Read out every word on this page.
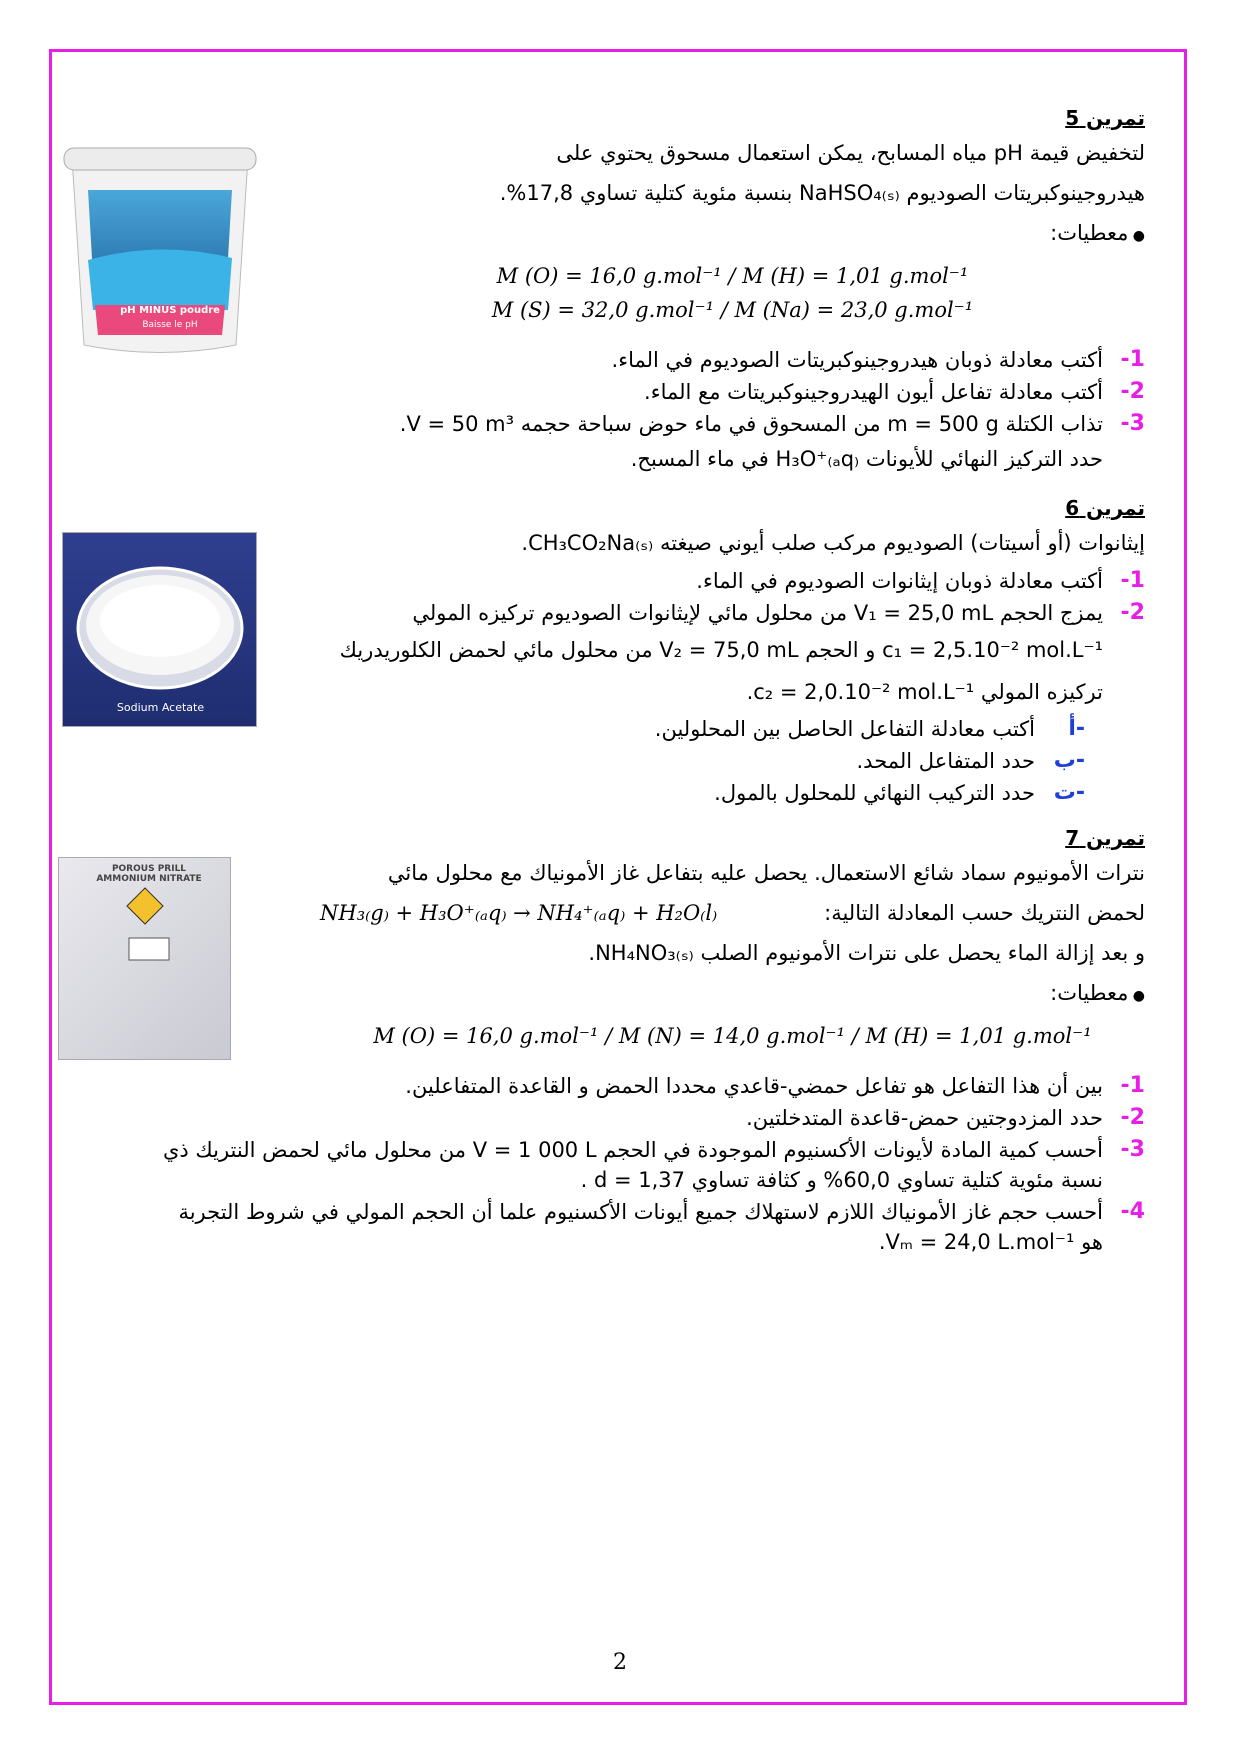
pH MINUS poudre
Baisse le pH
Sodium Acetate
POROUS PRILL AMMONIUM NITRATE
تمرين 5
لتخفيض قيمة pH مياه المسابح، يمكن استعمال مسحوق يحتوي على
هيدروجينوكبريتات الصوديوم NaHSO₄₍ₛ₎ بنسبة مئوية كتلية تساوي 17,8%.
● معطيات:
M (O) = 16,0 g.mol⁻¹ / M (H) = 1,01 g.mol⁻¹
M (S) = 32,0 g.mol⁻¹ / M (Na) = 23,0 g.mol⁻¹
-1
أكتب معادلة ذوبان هيدروجينوكبريتات الصوديوم في الماء.
-2
أكتب معادلة تفاعل أيون الهيدروجينوكبريتات مع الماء.
-3
تذاب الكتلة m = 500 g من المسحوق في ماء حوض سباحة حجمه V = 50 m³.
حدد التركيز النهائي للأيونات H₃O⁺₍ₐq₎ في ماء المسبح.
تمرين 6
إيثانوات (أو أسيتات) الصوديوم مركب صلب أيوني صيغته CH₃CO₂Na₍ₛ₎.
-1
أكتب معادلة ذوبان إيثانوات الصوديوم في الماء.
-2
يمزج الحجم V₁ = 25,0 mL من محلول مائي لإيثانوات الصوديوم تركيزه المولي
c₁ = 2,5.10⁻² mol.L⁻¹ و الحجم V₂ = 75,0 mL من محلول مائي لحمض الكلوريدريك
تركيزه المولي c₂ = 2,0.10⁻² mol.L⁻¹.
أ-
أكتب معادلة التفاعل الحاصل بين المحلولين.
ب-
حدد المتفاعل المحد.
ت-
حدد التركيب النهائي للمحلول بالمول.
تمرين 7
نترات الأمونيوم سماد شائع الاستعمال. يحصل عليه بتفاعل غاز الأمونياك مع محلول مائي
لحمض النتريك حسب المعادلة التالية:
NH₃₍g₎ + H₃O⁺₍ₐq₎ → NH₄⁺₍ₐq₎ + H₂O₍l₎
و بعد إزالة الماء يحصل على نترات الأمونيوم الصلب NH₄NO₃₍ₛ₎.
● معطيات:
M (O) = 16,0 g.mol⁻¹ / M (N) = 14,0 g.mol⁻¹ / M (H) = 1,01 g.mol⁻¹
-1
بين أن هذا التفاعل هو تفاعل حمضي-قاعدي محددا الحمض و القاعدة المتفاعلين.
-2
حدد المزدوجتين حمض-قاعدة المتدخلتين.
-3
أحسب كمية المادة لأيونات الأكسنيوم الموجودة في الحجم V = 1 000 L من محلول مائي لحمض النتريك ذي
نسبة مئوية كتلية تساوي 60,0% و كثافة تساوي d = 1,37 .
-4
أحسب حجم غاز الأمونياك اللازم لاستهلاك جميع أيونات الأكسنيوم علما أن الحجم المولي في شروط التجربة
هو Vₘ = 24,0 L.mol⁻¹.
2
